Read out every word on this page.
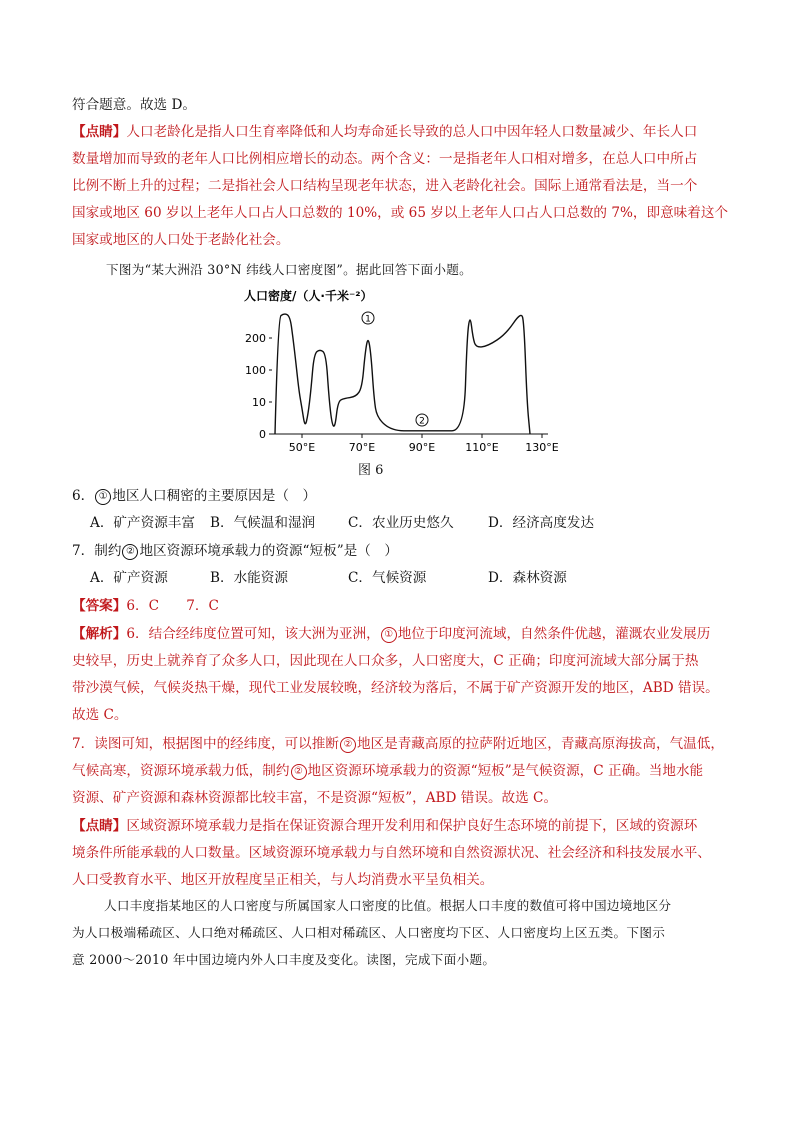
符合题意。故选 D。
【点睛】人口老龄化是指人口生育率降低和人均寿命延长导致的总人口中因年轻人口数量减少、年长人口
数量增加而导致的老年人口比例相应增长的动态。两个含义：一是指老年人口相对增多，在总人口中所占
比例不断上升的过程；二是指社会人口结构呈现老年状态，进入老龄化社会。国际上通常看法是，当一个
国家或地区 60 岁以上老年人口占人口总数的 10%，或 65 岁以上老年人口占人口总数的 7%，即意味着这个
国家或地区的人口处于老龄化社会。
下图为“某大洲沿 30°N 纬线人口密度图”。据此回答下面小题。
人口密度/（人·千米⁻²）
0
10
100
200
50°E	70°E	90°E	110°E 130°E
1
2
图 6
6． ① 地区人口稠密的主要原因是（　）
A．矿产资源丰富 B．气候温和湿润 C．农业历史悠久	D．经济高度发达
7．制约 ② 地区资源环境承载力的资源“短板”是（　）
A．矿产资源	B．水能资源	C．气候资源	D．森林资源
【答案】6．C　　7．C
【解析】6．结合经纬度位置可知，该大洲为亚洲， ① 地位于印度河流域，自然条件优越，灌溉农业发展历
史较早，历史上就养育了众多人口，因此现在人口众多，人口密度大，C 正确；印度河流域大部分属于热
带沙漠气候，气候炎热干燥，现代工业发展较晚，经济较为落后，不属于矿产资源开发的地区，ABD 错误。
故选 C。
7．读图可知，根据图中的经纬度，可以推断 ② 地区是青藏高原的拉萨附近地区，青藏高原海拔高，气温低，
气候高寒，资源环境承载力低，制约 ② 地区资源环境承载力的资源“短板”是气候资源，C 正确。当地水能
资源、矿产资源和森林资源都比较丰富，不是资源“短板”，ABD 错误。故选 C。
【点睛】区域资源环境承载力是指在保证资源合理开发利用和保护良好生态环境的前提下，区域的资源环
境条件所能承载的人口数量。区域资源环境承载力与自然环境和自然资源状况、社会经济和科技发展水平、
人口受教育水平、地区开放程度呈正相关，与人均消费水平呈负相关。
人口丰度指某地区的人口密度与所属国家人口密度的比值。根据人口丰度的数值可将中国边境地区分
为人口极端稀疏区、人口绝对稀疏区、人口相对稀疏区、人口密度均下区、人口密度均上区五类。下图示
意 2000～2010 年中国边境内外人口丰度及变化。读图，完成下面小题。
